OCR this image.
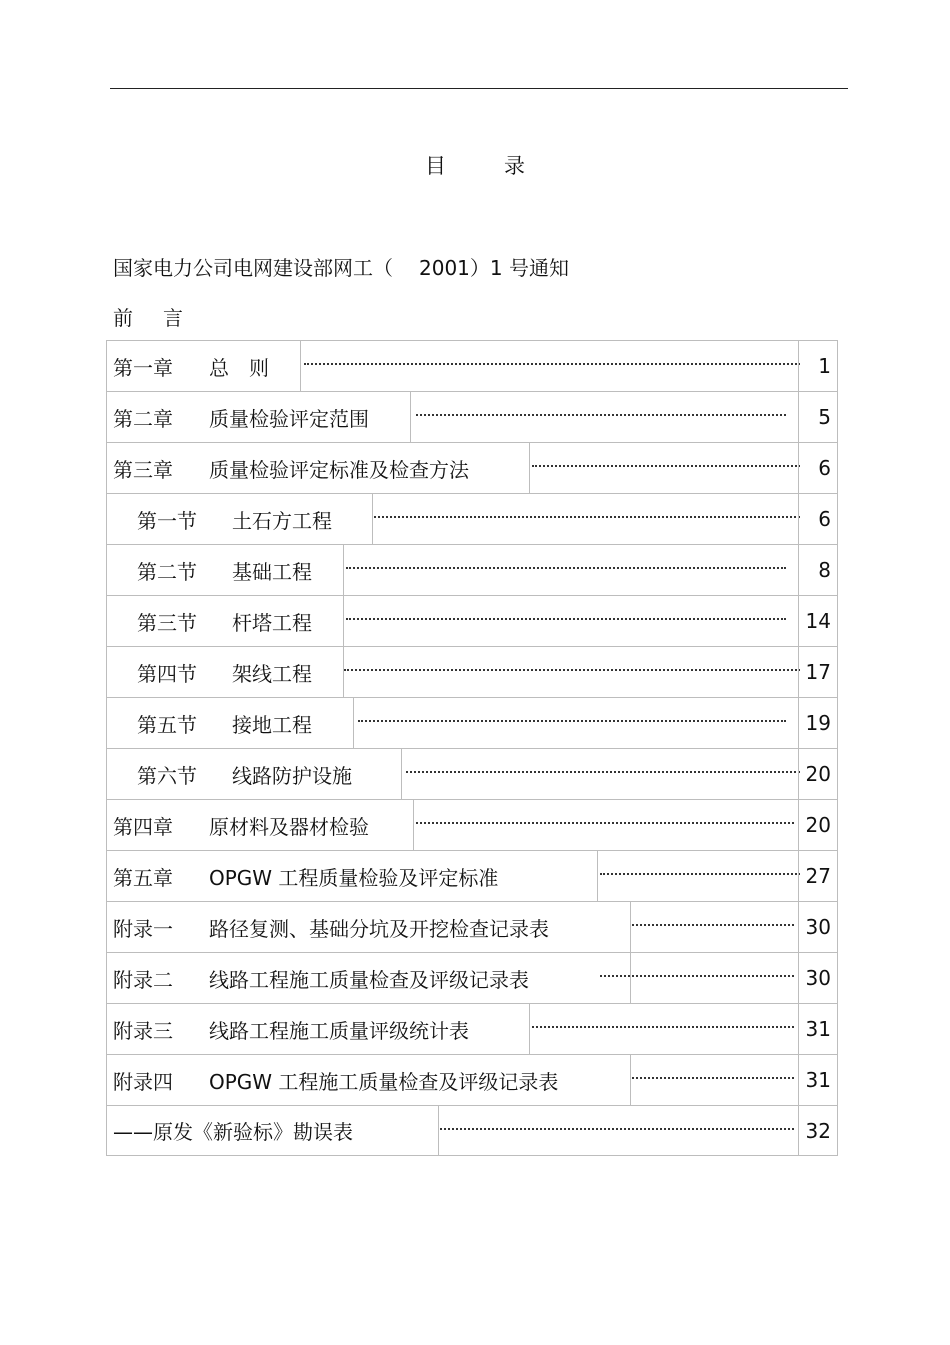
目	录
国家电力公司电网建设部网工（ 2001）1 号通知
前 言
第一章	总　则	1
第二章	质量检验评定范围	5
第三章	质量检验评定标准及检查方法	6
第一节	土石方工程	6
第二节	基础工程	8
第三节	杆塔工程	14
第四节	架线工程	17
第五节	接地工程	19
第六节	线路防护设施	20
第四章	原材料及器材检验	20
第五章	OPGW 工程质量检验及评定标准	27
附录一	路径复测、基础分坑及开挖检查记录表	30
附录二	线路工程施工质量检查及评级记录表	30
附录三	线路工程施工质量评级统计表	31
附录四	OPGW 工程施工质量检查及评级记录表	31
——原发《新验标》勘误表	32
